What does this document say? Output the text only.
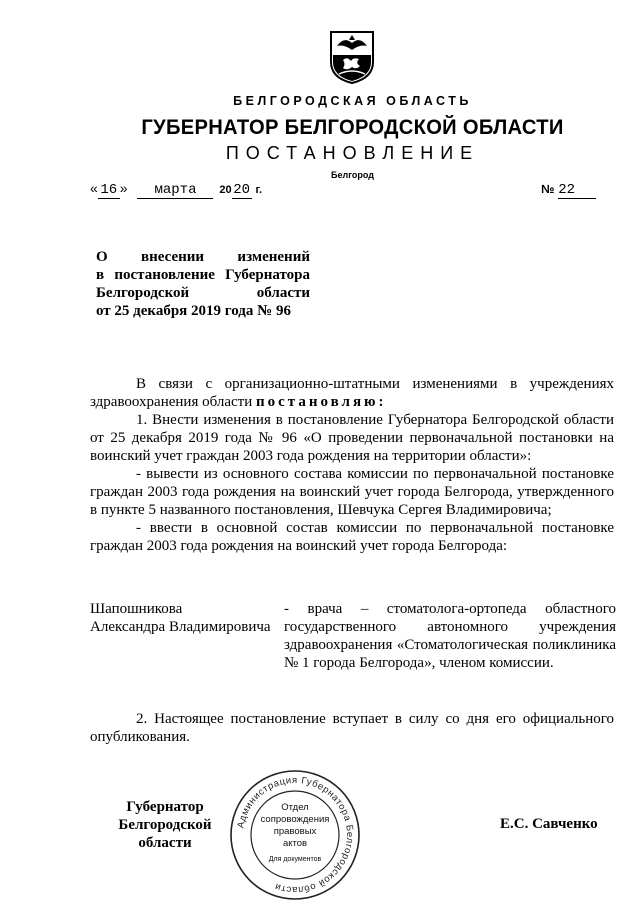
БЕЛГОРОДСКАЯ ОБЛАСТЬ
ГУБЕРНАТОР БЕЛГОРОДСКОЙ ОБЛАСТИ
ПОСТАНОВЛЕНИЕ
Белгород
« 16 » марта 20 20 г.	№ 22
О внесении изменений
в постановление Губернатора
Белгородской области
от 25 декабря 2019 года № 96

В связи с организационно-штатными изменениями в учреждениях здравоохранения области постановляю:

1. Внести изменения в постановление Губернатора Белгородской области от 25 декабря 2019 года № 96 «О проведении первоначальной постановки на воинский учет граждан 2003 года рождения на территории области»:

- вывести из основного состава комиссии по первоначальной постановке граждан 2003 года рождения на воинский учет города Белгорода, утвержденного в пункте 5 названного постановления, Шевчука Сергея Владимировича;

- ввести в основной состав комиссии по первоначальной постановке граждан 2003 года рождения на воинский учет города Белгорода:

Шапошникова
Александра Владимировича
- врача – стоматолога-ортопеда областного государственного автономного учреждения здравоохранения «Стоматологическая поликлиника № 1 города Белгорода», членом комиссии.

2. Настоящее постановление вступает в силу со дня его официального опубликования.

Администрация Губернатора Белгородской области
Отдел
сопровождения
правовых
актов
Для документов
Губернатор
Белгородской области
Е.С. Савченко
